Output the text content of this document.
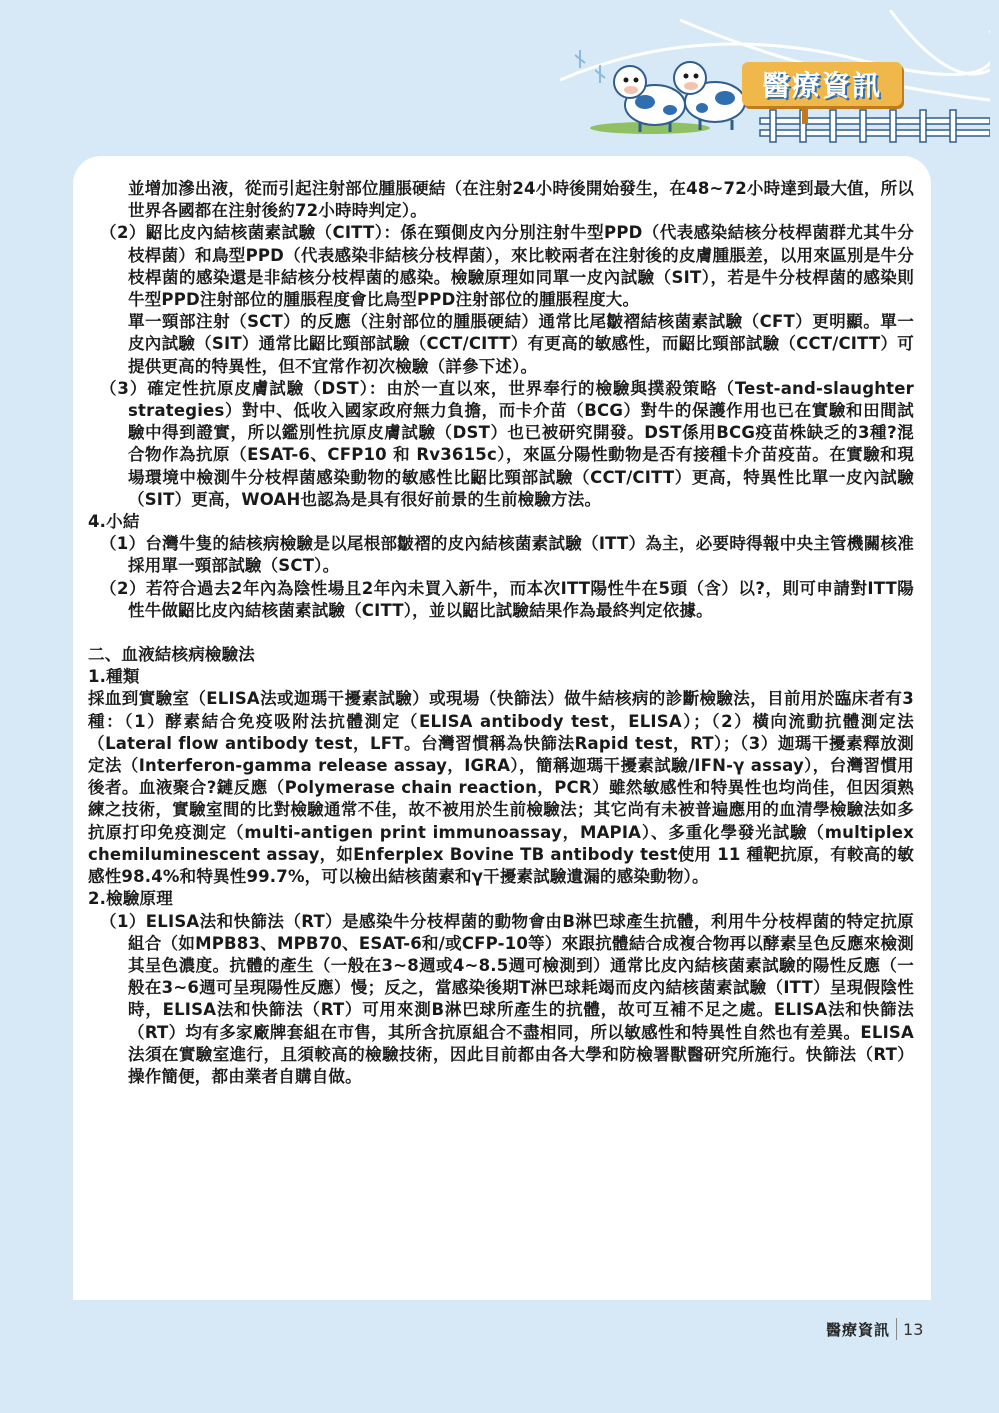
醫療資訊

並增加滲出液，從而引起注射部位腫脹硬結（在注射24小時後開始發生，在48~72小時達到最大值，所以世界各國都在注射後約72小時時判定）。

（2）鼦比皮內結核菌素試驗（CITT）：係在頸側皮內分別注射牛型PPD（代表感染結核分枝桿菌群尤其牛分枝桿菌）和鳥型PPD（代表感染非結核分枝桿菌），來比較兩者在注射後的皮膚腫脹差，以用來區別是牛分枝桿菌的感染還是非結核分枝桿菌的感染。檢驗原理如同單一皮內試驗（SIT），若是牛分枝桿菌的感染則牛型PPD注射部位的腫脹程度會比鳥型PPD注射部位的腫脹程度大。

單一頸部注射（SCT）的反應（注射部位的腫脹硬結）通常比尾皺褶結核菌素試驗（CFT）更明顯。單一皮內試驗（SIT）通常比鼦比頸部試驗（CCT/CITT）有更高的敏感性，而鼦比頸部試驗（CCT/CITT）可提供更高的特異性，但不宜常作初次檢驗（詳參下述）。

（3）確定性抗原皮膚試驗（DST）：由於一直以來，世界奉行的檢驗與撲殺策略（Test-and-slaughter strategies）對中、低收入國家政府無力負擔，而卡介苗（BCG）對牛的保護作用也已在實驗和田間試驗中得到證實，所以鑑別性抗原皮膚試驗（DST）也已被研究開發。DST係用BCG疫苗株缺乏的3種?混合物作為抗原（ESAT-6、CFP10 和 Rv3615c），來區分陽性動物是否有接種卡介苗疫苗。在實驗和現場環境中檢測牛分枝桿菌感染動物的敏感性比鼦比頸部試驗（CCT/CITT）更高，特異性比單一皮內試驗（SIT）更高，WOAH也認為是具有很好前景的生前檢驗方法。

4.小結

（1）台灣牛隻的結核病檢驗是以尾根部皺褶的皮內結核菌素試驗（ITT）為主，必要時得報中央主管機關核准採用單一頸部試驗（SCT）。

（2）若符合過去2年內為陰性場且2年內未買入新牛，而本次ITT陽性牛在5頭（含）以?，則可申請對ITT陽性牛做鼦比皮內結核菌素試驗（CITT），並以鼦比試驗結果作為最終判定依據。

二、血液結核病檢驗法

1.種類

採血到實驗室（ELISA法或迦瑪干擾素試驗）或現場（快篩法）做牛結核病的診斷檢驗法，目前用於臨床者有3種：（1）酵素結合免疫吸附法抗體測定（ELISA antibody test，ELISA）；（2）橫向流動抗體測定法（Lateral flow antibody test，LFT。台灣習慣稱為快篩法Rapid test，RT）；（3）迦瑪干擾素釋放測定法（Interferon-gamma release assay，IGRA），簡稱迦瑪干擾素試驗/IFN-γ assay），台灣習慣用後者。血液聚合?鏈反應（Polymerase chain reaction，PCR）雖然敏感性和特異性也均尚佳，但因須熟練之技術，實驗室間的比對檢驗通常不佳，故不被用於生前檢驗法；其它尚有未被普遍應用的血清學檢驗法如多抗原打印免疫測定（multi-antigen print immunoassay，MAPIA）、多重化學發光試驗（multiplex chemiluminescent assay，如Enferplex Bovine TB antibody test使用 11 種靶抗原，有較高的敏感性98.4%和特異性99.7%，可以檢出結核菌素和γ干擾素試驗遺漏的感染動物）。

2.檢驗原理

（1）ELISA法和快篩法（RT）是感染牛分枝桿菌的動物會由B淋巴球產生抗體，利用牛分枝桿菌的特定抗原組合（如MPB83、MPB70、ESAT-6和/或CFP-10等）來跟抗體結合成複合物再以酵素呈色反應來檢測其呈色濃度。抗體的產生（一般在3~8週或4~8.5週可檢測到）通常比皮內結核菌素試驗的陽性反應（一般在3~6週可呈現陽性反應）慢；反之，當感染後期T淋巴球耗竭而皮內結核菌素試驗（ITT）呈現假陰性時，ELISA法和快篩法（RT）可用來測B淋巴球所產生的抗體，故可互補不足之處。ELISA法和快篩法（RT）均有多家廠牌套組在市售，其所含抗原組合不盡相同，所以敏感性和特異性自然也有差異。ELISA法須在實驗室進行，且須較高的檢驗技術，因此目前都由各大學和防檢署獸醫研究所施行。快篩法（RT）操作簡便，都由業者自購自做。

醫療資訊 13
